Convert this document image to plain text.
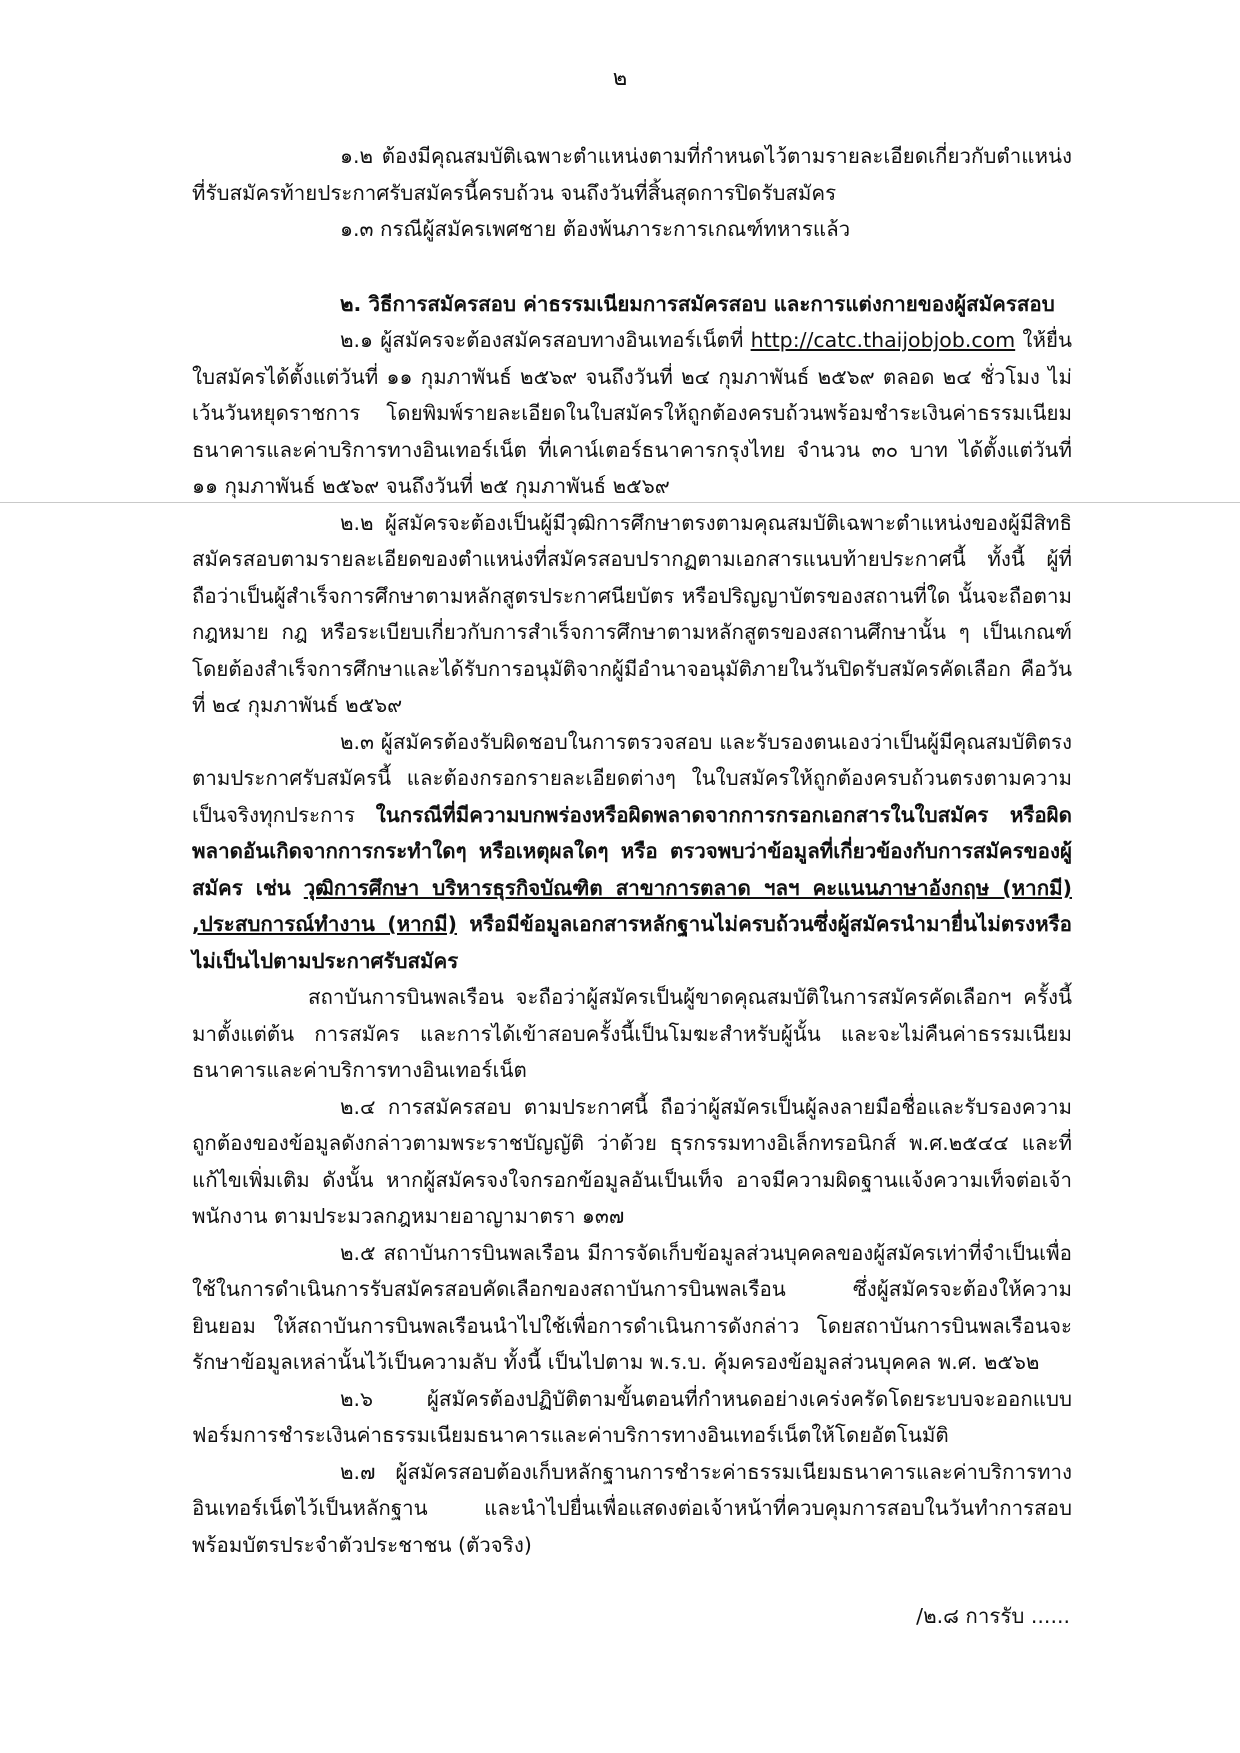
๒

๑.๒ ต้องมีคุณสมบัติเฉพาะตำแหน่งตามที่กำหนดไว้ตามรายละเอียดเกี่ยวกับตำแหน่งที่รับสมัครท้ายประกาศรับสมัครนี้ครบถ้วน จนถึงวันที่สิ้นสุดการปิดรับสมัคร

๑.๓ กรณีผู้สมัครเพศชาย ต้องพ้นภาระการเกณฑ์ทหารแล้ว

๒. วิธีการสมัครสอบ ค่าธรรมเนียมการสมัครสอบ และการแต่งกายของผู้สมัครสอบ

๒.๑ ผู้สมัครจะต้องสมัครสอบทางอินเทอร์เน็ตที่ http://catc.thaijobjob.com ให้ยื่นใบสมัครได้ตั้งแต่วันที่ ๑๑ กุมภาพันธ์ ๒๕๖๙ จนถึงวันที่ ๒๔ กุมภาพันธ์ ๒๕๖๙ ตลอด ๒๔ ชั่วโมง ไม่เว้นวันหยุดราชการ โดยพิมพ์รายละเอียดในใบสมัครให้ถูกต้องครบถ้วนพร้อมชำระเงินค่าธรรมเนียมธนาคารและค่าบริการทางอินเทอร์เน็ต ที่เคาน์เตอร์ธนาคารกรุงไทย จำนวน ๓๐ บาท ได้ตั้งแต่วันที่ ๑๑ กุมภาพันธ์ ๒๕๖๙ จนถึงวันที่ ๒๕ กุมภาพันธ์ ๒๕๖๙

๒.๒ ผู้สมัครจะต้องเป็นผู้มีวุฒิการศึกษาตรงตามคุณสมบัติเฉพาะตำแหน่งของผู้มีสิทธิสมัครสอบตามรายละเอียดของตำแหน่งที่สมัครสอบปรากฏตามเอกสารแนบท้ายประกาศนี้ ทั้งนี้ ผู้ที่ถือว่าเป็นผู้สำเร็จการศึกษาตามหลักสูตรประกาศนียบัตร หรือปริญญาบัตรของสถานที่ใด นั้นจะถือตามกฎหมาย กฎ หรือระเบียบเกี่ยวกับการสำเร็จการศึกษาตามหลักสูตรของสถานศึกษานั้น ๆ เป็นเกณฑ์ โดยต้องสำเร็จการศึกษาและได้รับการอนุมัติจากผู้มีอำนาจอนุมัติภายในวันปิดรับสมัครคัดเลือก คือวันที่ ๒๔ กุมภาพันธ์ ๒๕๖๙

๒.๓ ผู้สมัครต้องรับผิดชอบในการตรวจสอบ และรับรองตนเองว่าเป็นผู้มีคุณสมบัติตรงตามประกาศรับสมัครนี้ และต้องกรอกรายละเอียดต่างๆ ในใบสมัครให้ถูกต้องครบถ้วนตรงตามความเป็นจริงทุกประการ ในกรณีที่มีความบกพร่องหรือผิดพลาดจากการกรอกเอกสารในใบสมัคร หรือผิดพลาดอันเกิดจากการกระทำใดๆ หรือเหตุผลใดๆ หรือ ตรวจพบว่าข้อมูลที่เกี่ยวข้องกับการสมัครของผู้สมัคร เช่น วุฒิการศึกษา บริหารธุรกิจบัณฑิต สาขาการตลาด ฯลฯ คะแนนภาษาอังกฤษ (หากมี) ,ประสบการณ์ทำงาน (หากมี) หรือมีข้อมูลเอกสารหลักฐานไม่ครบถ้วนซึ่งผู้สมัครนำมายื่นไม่ตรงหรือไม่เป็นไปตามประกาศรับสมัคร

สถาบันการบินพลเรือน จะถือว่าผู้สมัครเป็นผู้ขาดคุณสมบัติในการสมัครคัดเลือกฯ ครั้งนี้มาตั้งแต่ต้น การสมัคร และการได้เข้าสอบครั้งนี้เป็นโมฆะสำหรับผู้นั้น และจะไม่คืนค่าธรรมเนียมธนาคารและค่าบริการทางอินเทอร์เน็ต

๒.๔ การสมัครสอบ ตามประกาศนี้ ถือว่าผู้สมัครเป็นผู้ลงลายมือชื่อและรับรองความถูกต้องของข้อมูลดังกล่าวตามพระราชบัญญัติ ว่าด้วย ธุรกรรมทางอิเล็กทรอนิกส์ พ.ศ.๒๕๔๔ และที่แก้ไขเพิ่มเติม ดังนั้น หากผู้สมัครจงใจกรอกข้อมูลอันเป็นเท็จ อาจมีความผิดฐานแจ้งความเท็จต่อเจ้าพนักงาน ตามประมวลกฎหมายอาญามาตรา ๑๓๗

๒.๕ สถาบันการบินพลเรือน มีการจัดเก็บข้อมูลส่วนบุคคลของผู้สมัครเท่าที่จำเป็นเพื่อใช้ในการดำเนินการรับสมัครสอบคัดเลือกของสถาบันการบินพลเรือน ซึ่งผู้สมัครจะต้องให้ความยินยอม ให้สถาบันการบินพลเรือนนำไปใช้เพื่อการดำเนินการดังกล่าว โดยสถาบันการบินพลเรือนจะรักษาข้อมูลเหล่านั้นไว้เป็นความลับ ทั้งนี้ เป็นไปตาม พ.ร.บ. คุ้มครองข้อมูลส่วนบุคคล พ.ศ. ๒๕๖๒

๒.๖ ผู้สมัครต้องปฏิบัติตามขั้นตอนที่กำหนดอย่างเคร่งครัดโดยระบบจะออกแบบฟอร์มการชำระเงินค่าธรรมเนียมธนาคารและค่าบริการทางอินเทอร์เน็ตให้โดยอัตโนมัติ

๒.๗ ผู้สมัครสอบต้องเก็บหลักฐานการชำระค่าธรรมเนียมธนาคารและค่าบริการทางอินเทอร์เน็ตไว้เป็นหลักฐาน และนำไปยื่นเพื่อแสดงต่อเจ้าหน้าที่ควบคุมการสอบในวันทำการสอบพร้อมบัตรประจำตัวประชาชน (ตัวจริง)

/๒.๘ การรับ ......
